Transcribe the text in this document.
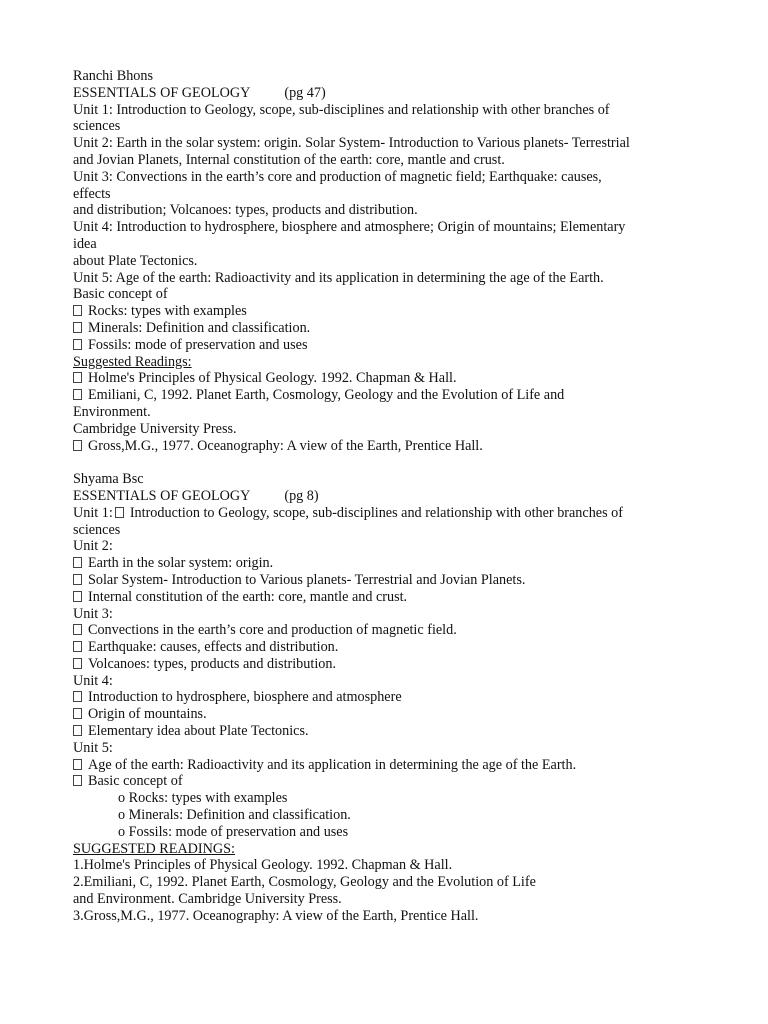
Ranchi Bhons
ESSENTIALS OF GEOLOGY (pg 47)
Unit 1: Introduction to Geology, scope, sub-disciplines and relationship with other branches of
sciences
Unit 2: Earth in the solar system: origin. Solar System- Introduction to Various planets- Terrestrial
and Jovian Planets, Internal constitution of the earth: core, mantle and crust.
Unit 3: Convections in the earth’s core and production of magnetic field; Earthquake: causes,
effects
and distribution; Volcanoes: types, products and distribution.
Unit 4: Introduction to hydrosphere, biosphere and atmosphere; Origin of mountains; Elementary
idea
about Plate Tectonics.
Unit 5: Age of the earth: Radioactivity and its application in determining the age of the Earth.
Basic concept of
Rocks: types with examples
Minerals: Definition and classification.
Fossils: mode of preservation and uses
Suggested Readings:
Holme's Principles of Physical Geology. 1992. Chapman & Hall.
Emiliani, C, 1992. Planet Earth, Cosmology, Geology and the Evolution of Life and
Environment.
Cambridge University Press.
Gross,M.G., 1977. Oceanography: A view of the Earth, Prentice Hall.
Shyama Bsc
ESSENTIALS OF GEOLOGY (pg 8)
Unit 1: Introduction to Geology, scope, sub-disciplines and relationship with other branches of
sciences
Unit 2:
Earth in the solar system: origin.
Solar System- Introduction to Various planets- Terrestrial and Jovian Planets.
Internal constitution of the earth: core, mantle and crust.
Unit 3:
Convections in the earth’s core and production of magnetic field.
Earthquake: causes, effects and distribution.
Volcanoes: types, products and distribution.
Unit 4:
Introduction to hydrosphere, biosphere and atmosphere
Origin of mountains.
Elementary idea about Plate Tectonics.
Unit 5:
Age of the earth: Radioactivity and its application in determining the age of the Earth.
Basic concept of
o Rocks: types with examples
o Minerals: Definition and classification.
o Fossils: mode of preservation and uses
SUGGESTED READINGS:
1.Holme's Principles of Physical Geology. 1992. Chapman & Hall.
2.Emiliani, C, 1992. Planet Earth, Cosmology, Geology and the Evolution of Life
and Environment. Cambridge University Press.
3.Gross,M.G., 1977. Oceanography: A view of the Earth, Prentice Hall.
